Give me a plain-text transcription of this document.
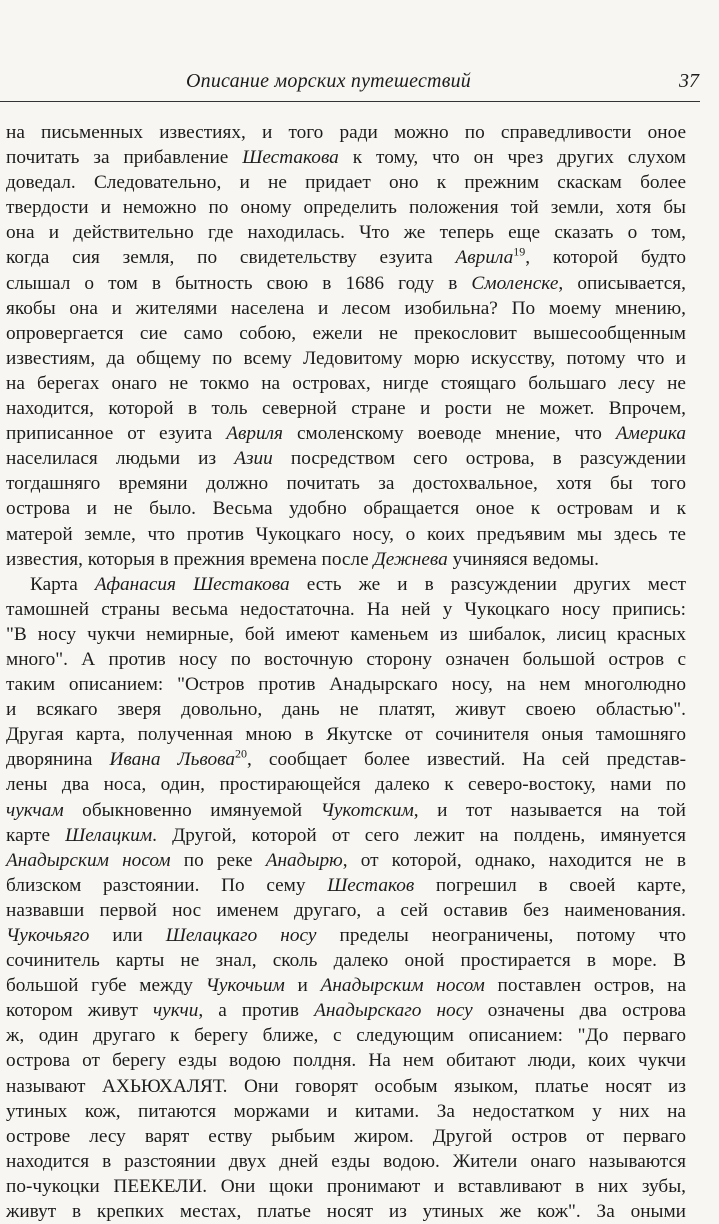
Описание морских путешествий	37
на письменных известиях, и того ради можно по справедливости оное
почитать за прибавление Шестакова к тому, что он чрез других слухом
доведал. Следовательно, и не придает оно к прежним скаскам более
твердости и неможно по оному определить положения той земли, хотя бы
она и действительно где находилась. Что же теперь еще сказать о том,
когда сия земля, по свидетельству езуита Аврила$^{19}$, которой будто
слышал о том в бытность свою в 1686 году в Смоленске, описывается,
якобы она и жителями населена и лесом изобильна? По моему мнению,
опровергается сие само собою, ежели не прекословит вышесообщенным
известиям, да общему по всему Ледовитому морю искусству, потому что и
на берегах онаго не токмо на островах, нигде стоящаго большаго лесу не
находится, которой в толь северной стране и рости не может. Впрочем,
приписанное от езуита Авриля смоленскому воеводе мнение, что Америка
населилася людьми из Азии посредством сего острова, в разсуждении
тогдашняго времяни должно почитать за достохвальное, хотя бы того
острова и не было. Весьма удобно обращается оное к островам и к
матерой земле, что против Чукоцкаго носу, о коих предъявим мы здесь те
известия, которыя в прежния времена после Дежнева учиняяся ведомы.
Карта Афанасия Шестакова есть же и в разсуждении других мест
тамошней страны весьма недостаточна. На ней у Чукоцкаго носу припись:
"В носу чукчи немирные, бой имеют каменьем из шибалок, лисиц красных
много". А против носу по восточную сторону означен большой остров с
таким описанием: "Остров против Анадырскаго носу, на нем многолюдно
и всякаго зверя довольно, дань не платят, живут своею областью".
Другая карта, полученная мною в Якутске от сочинителя оныя тамошняго
дворянина Ивана Львова$^{20}$, сообщает более известий. На сей представ-
лены два носа, один, простирающейся далеко к северо-востоку, нами по
чукчам обыкновенно имянуемой Чукотским, и тот называется на той
карте Шелацким. Другой, которой от сего лежит на полдень, имянуется
Анадырским носом по реке Анадырю, от которой, однако, находится не в
близском разстоянии. По сему Шестаков погрешил в своей карте,
назвавши первой нос именем другаго, а сей оставив без наименования.
Чукочьяго или Шелацкаго носу пределы неограничены, потому что
сочинитель карты не знал, сколь далеко оной простирается в море. В
большой губе между Чукочьим и Анадырским носом поставлен остров, на
котором живут чукчи, а против Анадырскаго носу означены два острова
ж, один другаго к берегу ближе, с следующим описанием: "До перваго
острова от берегу езды водою полдня. На нем обитают люди, коих чукчи
называют АХЬЮХАЛЯТ. Они говорят особым языком, платье носят из
утиных кож, питаются моржами и китами. За недостатком у них на
острове лесу варят еству рыбьим жиром. Другой остров от перваго
находится в разстоянии двух дней езды водою. Жители онаго называются
по-чукоцки ПЕЕКЕЛИ. Они щоки пронимают и вставливают в них зубы,
живут в крепких местах, платье носят из утиных же кож". За оными
